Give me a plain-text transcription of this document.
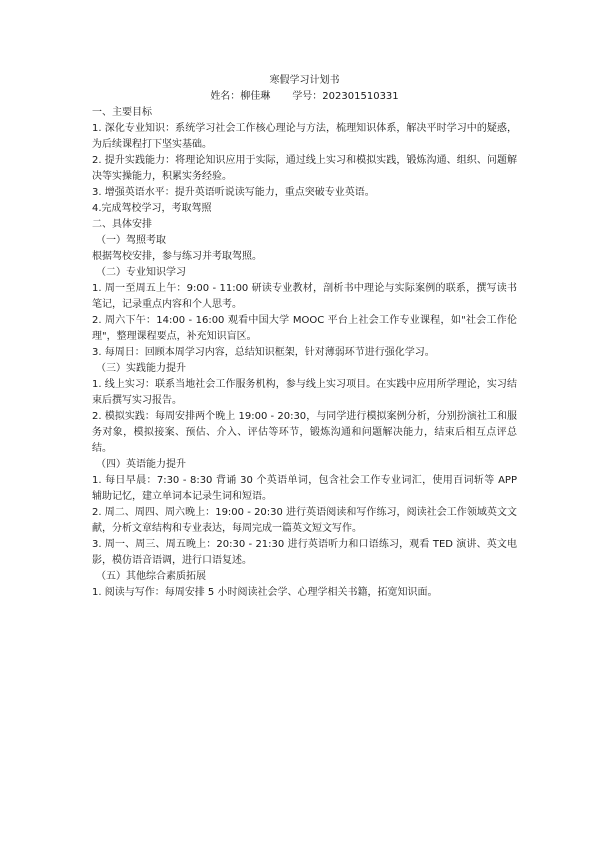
寒假学习计划书

姓名：柳佳琳 学号：202301510331

一、主要目标

1. 深化专业知识：系统学习社会工作核心理论与方法，梳理知识体系，解决平时学习中的疑惑，为后续课程打下坚实基础。

2. 提升实践能力：将理论知识应用于实际，通过线上实习和模拟实践，锻炼沟通、组织、问题解决等实操能力，积累实务经验。

3. 增强英语水平：提升英语听说读写能力，重点突破专业英语。

4.完成驾校学习，考取驾照

二、具体安排

（一）驾照考取

根据驾校安排，参与练习并考取驾照。

（二）专业知识学习

1. 周一至周五上午：9:00 - 11:00 研读专业教材，剖析书中理论与实际案例的联系，撰写读书笔记，记录重点内容和个人思考。

2. 周六下午：14:00 - 16:00 观看中国大学 MOOC 平台上社会工作专业课程，如"社会工作伦理"，整理课程要点，补充知识盲区。

3. 每周日：回顾本周学习内容，总结知识框架，针对薄弱环节进行强化学习。

（三）实践能力提升

1. 线上实习：联系当地社会工作服务机构，参与线上实习项目。在实践中应用所学理论，实习结束后撰写实习报告。

2. 模拟实践：每周安排两个晚上 19:00 - 20:30，与同学进行模拟案例分析，分别扮演社工和服务对象，模拟接案、预估、介入、评估等环节，锻炼沟通和问题解决能力，结束后相互点评总结。

（四）英语能力提升

1. 每日早晨：7:30 - 8:30 背诵 30 个英语单词，包含社会工作专业词汇，使用百词斩等 APP 辅助记忆，建立单词本记录生词和短语。

2. 周二、周四、周六晚上：19:00 - 20:30 进行英语阅读和写作练习，阅读社会工作领域英文文献，分析文章结构和专业表达，每周完成一篇英文短文写作。

3. 周一、周三、周五晚上：20:30 - 21:30 进行英语听力和口语练习，观看 TED 演讲、英文电影，模仿语音语调，进行口语复述。

（五）其他综合素质拓展

1. 阅读与写作：每周安排 5 小时阅读社会学、心理学相关书籍，拓宽知识面。
